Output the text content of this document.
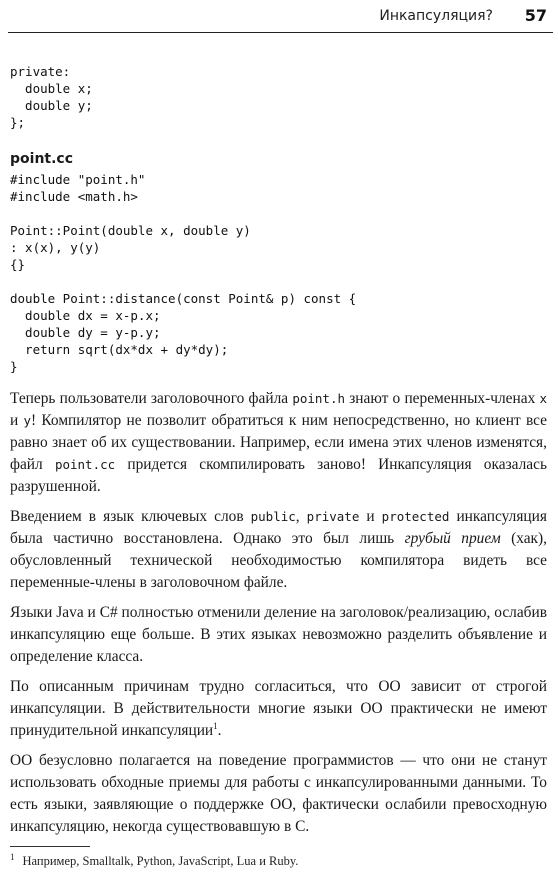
Инкапсуляция? 57
private:
double x;
double y;
};
point.cc
#include "point.h"
#include <math.h>

Point::Point(double x, double y)
: x(x), y(y)
{}

double Point::distance(const Point& p) const {
double dx = x-p.x;
double dy = y-p.y;
return sqrt(dx*dx + dy*dy);
}

Теперь пользователи заголовочного файла point.h знают о переменных-членах x и y! Компилятор не позволит обратиться к ним непосредственно, но клиент все равно знает об их существовании. Например, если имена этих членов изменятся, файл point.cc придется скомпилировать заново! Инкапсуляция оказалась разрушенной.

Введением в язык ключевых слов public, private и protected инкапсуляция была частично восстановлена. Однако это был лишь грубый прием (хак), обусловленный технической необходимостью компилятора видеть все переменные-члены в заголовочном файле.

Языки Java и C# полностью отменили деление на заголовок/реализацию, ослабив инкапсуляцию еще больше. В этих языках невозможно разделить объявление и определение класса.

По описанным причинам трудно согласиться, что ОО зависит от строгой инкапсуляции. В действительности многие языки ОО практически не имеют принудительной инкапсуляции$^1$.

ОО безусловно полагается на поведение программистов — что они не станут использовать обходные приемы для работы с инкапсулированными данными. То есть языки, заявляющие о поддержке ОО, фактически ослабили превосходную инкапсуляцию, некогда существовавшую в C.

$^1$ Например, Smalltalk, Python, JavaScript, Lua и Ruby.
